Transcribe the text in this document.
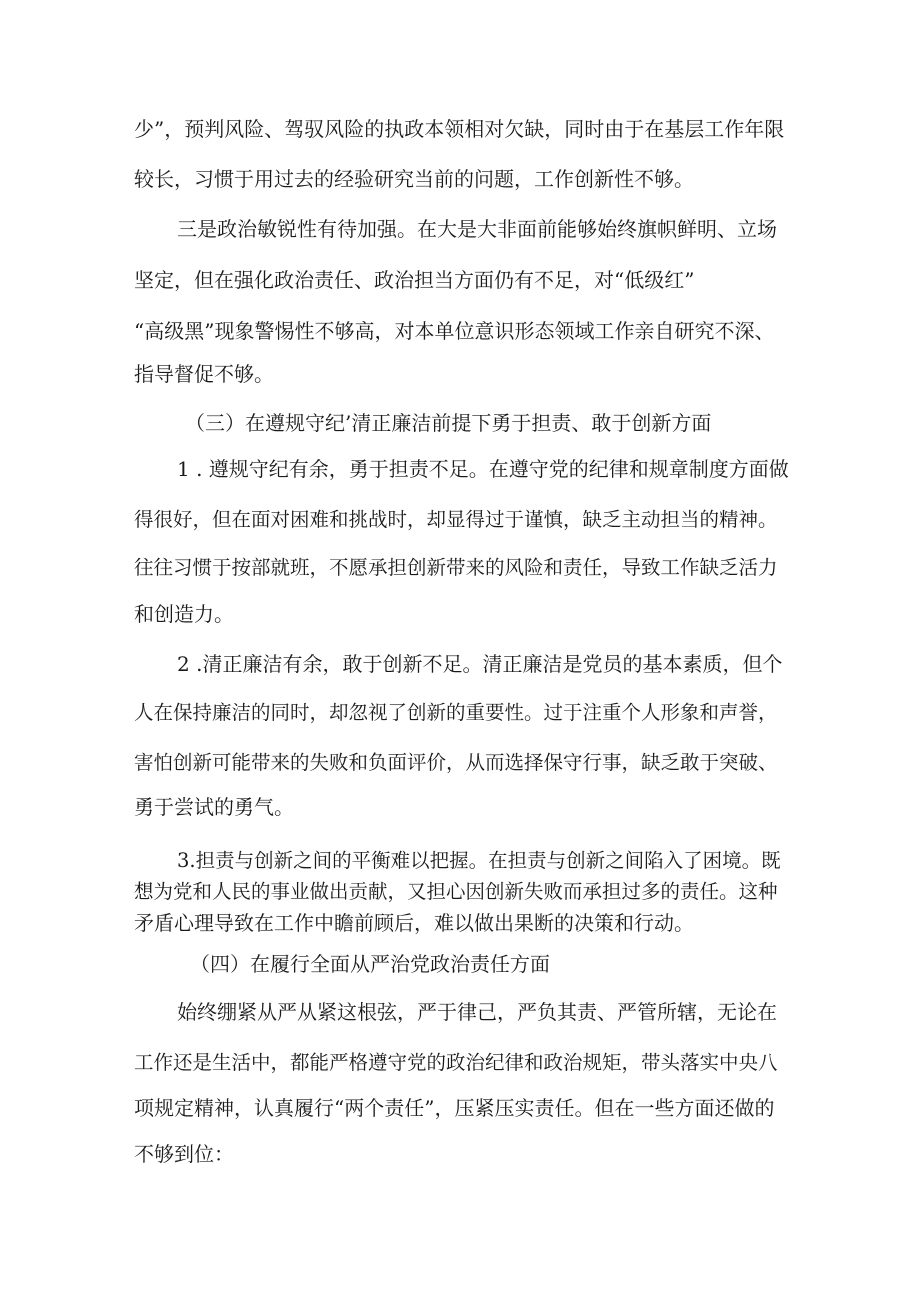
少”，预判风险、驾驭风险的执政本领相对欠缺，同时由于在基层工作年限

较长，习惯于用过去的经验研究当前的问题，工作创新性不够。

三是政治敏锐性有待加强。在大是大非面前能够始终旗帜鲜明、立场

坚定，但在强化政治责任、政治担当方面仍有不足，对“低级红”

“高级黑”现象警惕性不够高，对本单位意识形态领域工作亲自研究不深、

指导督促不够。

（三）在遵规守纪’清正廉洁前提下勇于担责、敢于创新方面

1 . 遵规守纪有余，勇于担责不足。在遵守党的纪律和规章制度方面做

得很好，但在面对困难和挑战时，却显得过于谨慎，缺乏主动担当的精神。

往往习惯于按部就班，不愿承担创新带来的风险和责任，导致工作缺乏活力

和创造力。

2 .清正廉洁有余，敢于创新不足。清正廉洁是党员的基本素质，但个

人在保持廉洁的同时，却忽视了创新的重要性。过于注重个人形象和声誉，

害怕创新可能带来的失败和负面评价，从而选择保守行事，缺乏敢于突破、

勇于尝试的勇气。

3.担责与创新之间的平衡难以把握。在担责与创新之间陷入了困境。既

想为党和人民的事业做出贡献，又担心因创新失败而承担过多的责任。这种

矛盾心理导致在工作中瞻前顾后，难以做出果断的决策和行动。

（四）在履行全面从严治党政治责任方面

始终绷紧从严从紧这根弦，严于律己，严负其责、严管所辖，无论在

工作还是生活中，都能严格遵守党的政治纪律和政治规矩，带头落实中央八

项规定精神，认真履行“两个责任”，压紧压实责任。但在一些方面还做的

不够到位：
